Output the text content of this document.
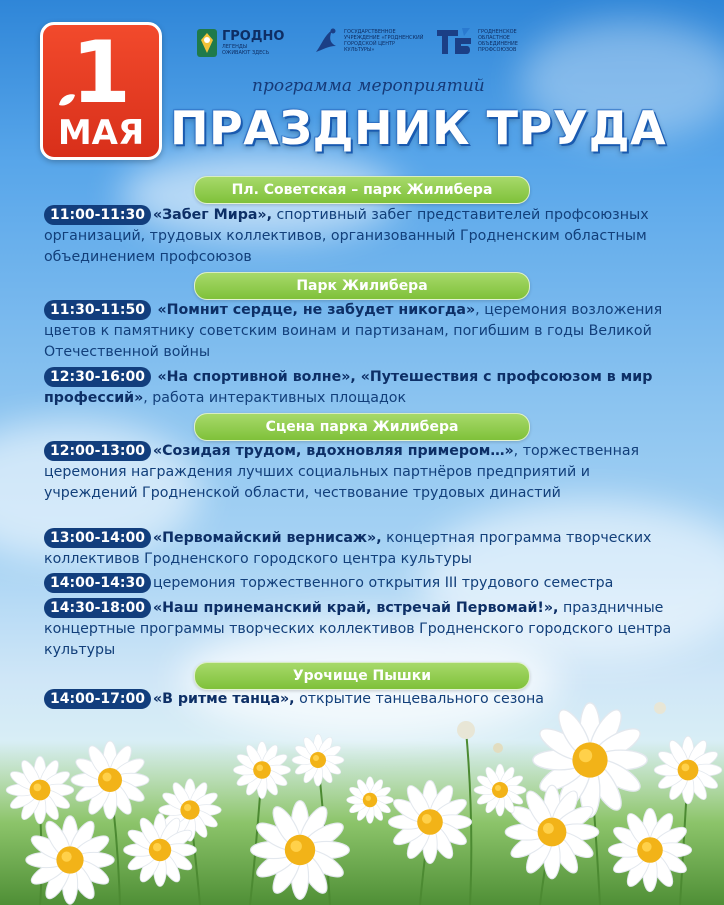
1
МАЯ
ГРОДНО
ЛЕГЕНДЫ ОЖИВАЮТ ЗДЕСЬ
ГОСУДАРСТВЕННОЕ УЧРЕЖДЕНИЕ «ГРОДНЕНСКИЙ ГОРОДСКОЙ ЦЕНТР КУЛЬТУРЫ»
ГРОДНЕНСКОЕ ОБЛАСТНОЕ ОБЪЕДИНЕНИЕ ПРОФСОЮЗОВ
программа мероприятий
ПРАЗДНИК ТРУДА
Пл. Советская – парк Жилибера

11:00-11:30 «Забег Мира», спортивный забег представителей профсоюзных организаций, трудовых коллективов, организованный Гродненским областным объединением профсоюзов

Парк Жилибера

11:30-11:50 «Помнит сердце, не забудет никогда», церемония возложения цветов к памятнику советским воинам и партизанам, погибшим в годы Великой Отечественной войны

12:30-16:00 «На спортивной волне», «Путешествия с профсоюзом в мир профессий», работа интерактивных площадок

Сцена парка Жилибера

12:00-13:00 «Созидая трудом, вдохновляя примером…», торжественная церемония награждения лучших социальных партнёров предприятий и учреждений Гродненской области, чествование трудовых династий

13:00-14:00 «Первомайский вернисаж», концертная программа творческих коллективов Гродненского городского центра культуры

14:00-14:30 церемония торжественного открытия III трудового семестра

14:30-18:00 «Наш принеманский край, встречай Первомай!», праздничные концертные программы творческих коллективов Гродненского городского центра культуры

Урочище Пышки

14:00-17:00 «В ритме танца», открытие танцевального сезона
